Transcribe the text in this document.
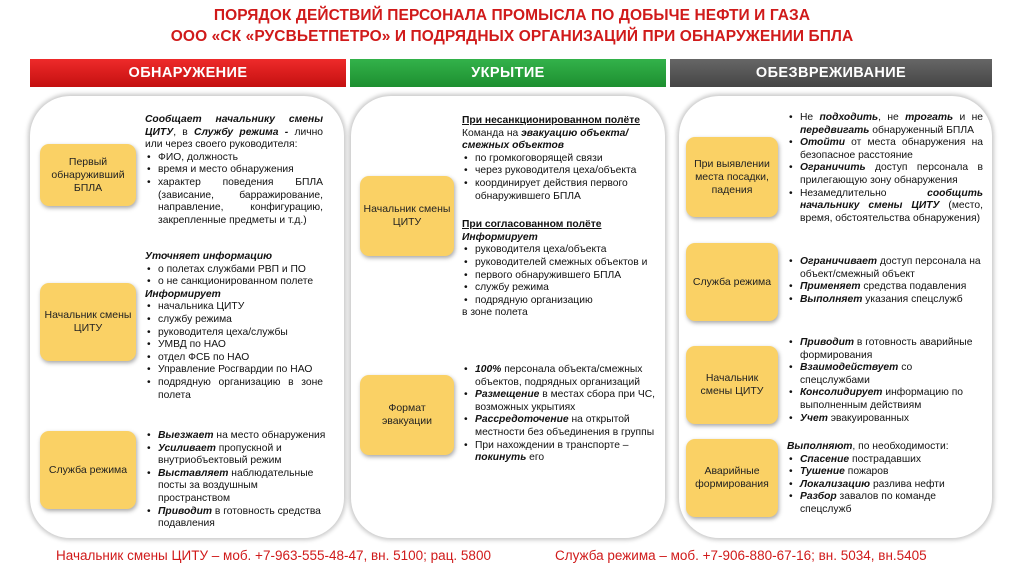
ПОРЯДОК ДЕЙСТВИЙ ПЕРСОНАЛА ПРОМЫСЛА ПО ДОБЫЧЕ НЕФТИ И ГАЗА
ООО «СК «РУСВЬЕТПЕТРО» И ПОДРЯДНЫХ ОРГАНИЗАЦИЙ ПРИ ОБНАРУЖЕНИИ БПЛА
ОБНАРУЖЕНИЕ	УКРЫТИЕ	ОБЕЗВРЕЖИВАНИЕ
Первый обнаруживший БПЛА
Начальник смены ЦИТУ
Служба режима

Сообщает начальнику смены ЦИТУ, в Службу режима - лично или через своего руководителя:

• ФИО, должность
• время и место обнаружения
• характер поведения БПЛА (зависание, барражирование, направление, конфигурацию, закрепленные предметы и т.д.)

Уточняет информацию

• о полетах службами РВП и ПО
• о не санкционированном полете

Информирует

• начальника ЦИТУ
• службу режима
• руководителя цеха/службы
• УМВД по НАО
• отдел ФСБ по НАО
• Управление Росгвардии по НАО
• подрядную организацию в зоне полета
• Выезжает на место обнаружения
• Усиливает пропускной и внутриобъектовый режим
• Выставляет наблюдательные посты за воздушным пространством
• Приводит в готовность средства подавления
Начальник смены ЦИТУ
Формат эвакуации

При несанкционированном полёте

Команда на эвакуацию объекта/смежных объектов

• по громкоговорящей связи
• через руководителя цеха/объекта
• координирует действия первого обнаружившего БПЛА

При согласованном полёте

Информирует

• руководителя цеха/объекта
• руководителей смежных объектов и
• первого обнаружившего БПЛА
• службу режима
• подрядную организацию

в зоне полета

• 100% персонала объекта/смежных объектов, подрядных организаций
• Размещение в местах сбора при ЧС, возможных укрытиях
• Рассредоточение на открытой местности без объединения в группы
• При нахождении в транспорте – покинуть его
При выявлении места посадки, падения
Служба режима
Начальник смены ЦИТУ
Аварийные формирования
• Не подходить, не трогать и не передвигать обнаруженный БПЛА
• Отойти от места обнаружения на безопасное расстояние
• Ограничить доступ персонала в прилегающую зону обнаружения
• Незамедлительно сообщить начальнику смены ЦИТУ (место, время, обстоятельства обнаружения)
• Ограничивает доступ персонала на объект/смежный объект
• Применяет средства подавления
• Выполняет указания спецслужб
• Приводит в готовность аварийные формирования
• Взаимодействует со спецслужбами
• Консолидирует информацию по выполненным действиям
• Учет эвакуированных

Выполняют, по необходимости:

• Спасение пострадавших
• Тушение пожаров
• Локализацию разлива нефти
• Разбор завалов по команде спецслужб
Начальник смены ЦИТУ – моб. +7-963-555-48-47, вн. 5100; рац. 5800	Служба режима – моб. +7-906-880-67-16; вн. 5034, вн.5405
